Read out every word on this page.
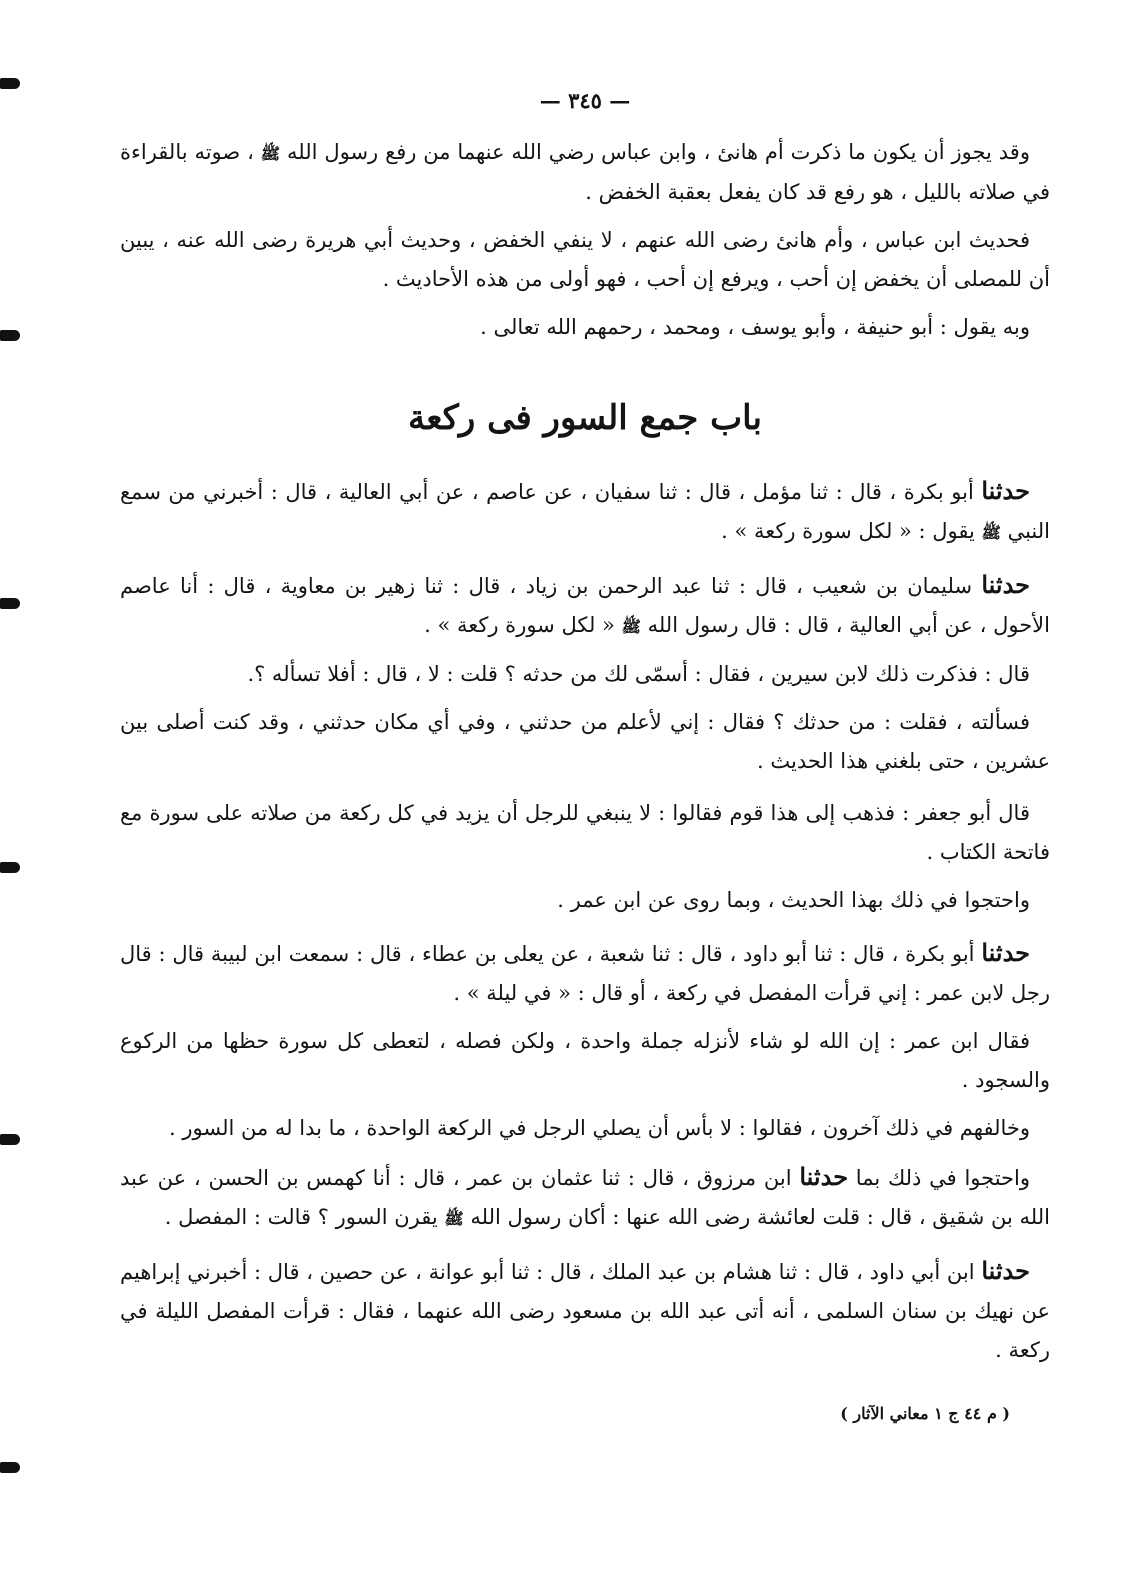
— ٣٤٥ —

وقد يجوز أن يكون ما ذكرت أم هانئ ، وابن عباس رضي الله عنهما من رفع رسول الله ﷺ ، صوته بالقراءة في صلاته بالليل ، هو رفع قد كان يفعل بعقبة الخفض .

فحديث ابن عباس ، وأم هانئ رضى الله عنهم ، لا ينفي الخفض ، وحديث أبي هريرة رضى الله عنه ، يبين أن للمصلى أن يخفض إن أحب ، ويرفع إن أحب ، فهو أولى من هذه الأحاديث .

وبه يقول : أبو حنيفة ، وأبو يوسف ، ومحمد ، رحمهم الله تعالى .

باب جمع السور فى ركعة

حدثنا أبو بكرة ، قال : ثنا مؤمل ، قال : ثنا سفيان ، عن عاصم ، عن أبي العالية ، قال : أخبرني من سمع النبي ﷺ يقول : « لكل سورة ركعة » .

حدثنا سليمان بن شعيب ، قال : ثنا عبد الرحمن بن زياد ، قال : ثنا زهير بن معاوية ، قال : أنا عاصم الأحول ، عن أبي العالية ، قال : قال رسول الله ﷺ « لكل سورة ركعة » .

قال : فذكرت ذلك لابن سيرين ، فقال : أسمّى لك من حدثه ؟ قلت : لا ، قال : أفلا تسأله ؟.

فسألته ، فقلت : من حدثك ؟ فقال : إني لأعلم من حدثني ، وفي أي مكان حدثني ، وقد كنت أصلى بين عشرين ، حتى بلغني هذا الحديث .

قال أبو جعفر : فذهب إلى هذا قوم فقالوا : لا ينبغي للرجل أن يزيد في كل ركعة من صلاته على سورة مع فاتحة الكتاب .

واحتجوا في ذلك بهذا الحديث ، وبما روى عن ابن عمر .

حدثنا أبو بكرة ، قال : ثنا أبو داود ، قال : ثنا شعبة ، عن يعلى بن عطاء ، قال : سمعت ابن لبيبة قال : قال رجل لابن عمر : إني قرأت المفصل في ركعة ، أو قال : « في ليلة » .

فقال ابن عمر : إن الله لو شاء لأنزله جملة واحدة ، ولكن فصله ، لتعطى كل سورة حظها من الركوع والسجود .

وخالفهم في ذلك آخرون ، فقالوا : لا بأس أن يصلي الرجل في الركعة الواحدة ، ما بدا له من السور .

واحتجوا في ذلك بما حدثنا ابن مرزوق ، قال : ثنا عثمان بن عمر ، قال : أنا كهمس بن الحسن ، عن عبد الله بن شقيق ، قال : قلت لعائشة رضى الله عنها : أكان رسول الله ﷺ يقرن السور ؟ قالت : المفصل .

حدثنا ابن أبي داود ، قال : ثنا هشام بن عبد الملك ، قال : ثنا أبو عوانة ، عن حصين ، قال : أخبرني إبراهيم عن نهيك بن سنان السلمى ، أنه أتى عبد الله بن مسعود رضى الله عنهما ، فقال : قرأت المفصل الليلة في ركعة .

( م ٤٤ ج ١ معاني الآثار )
